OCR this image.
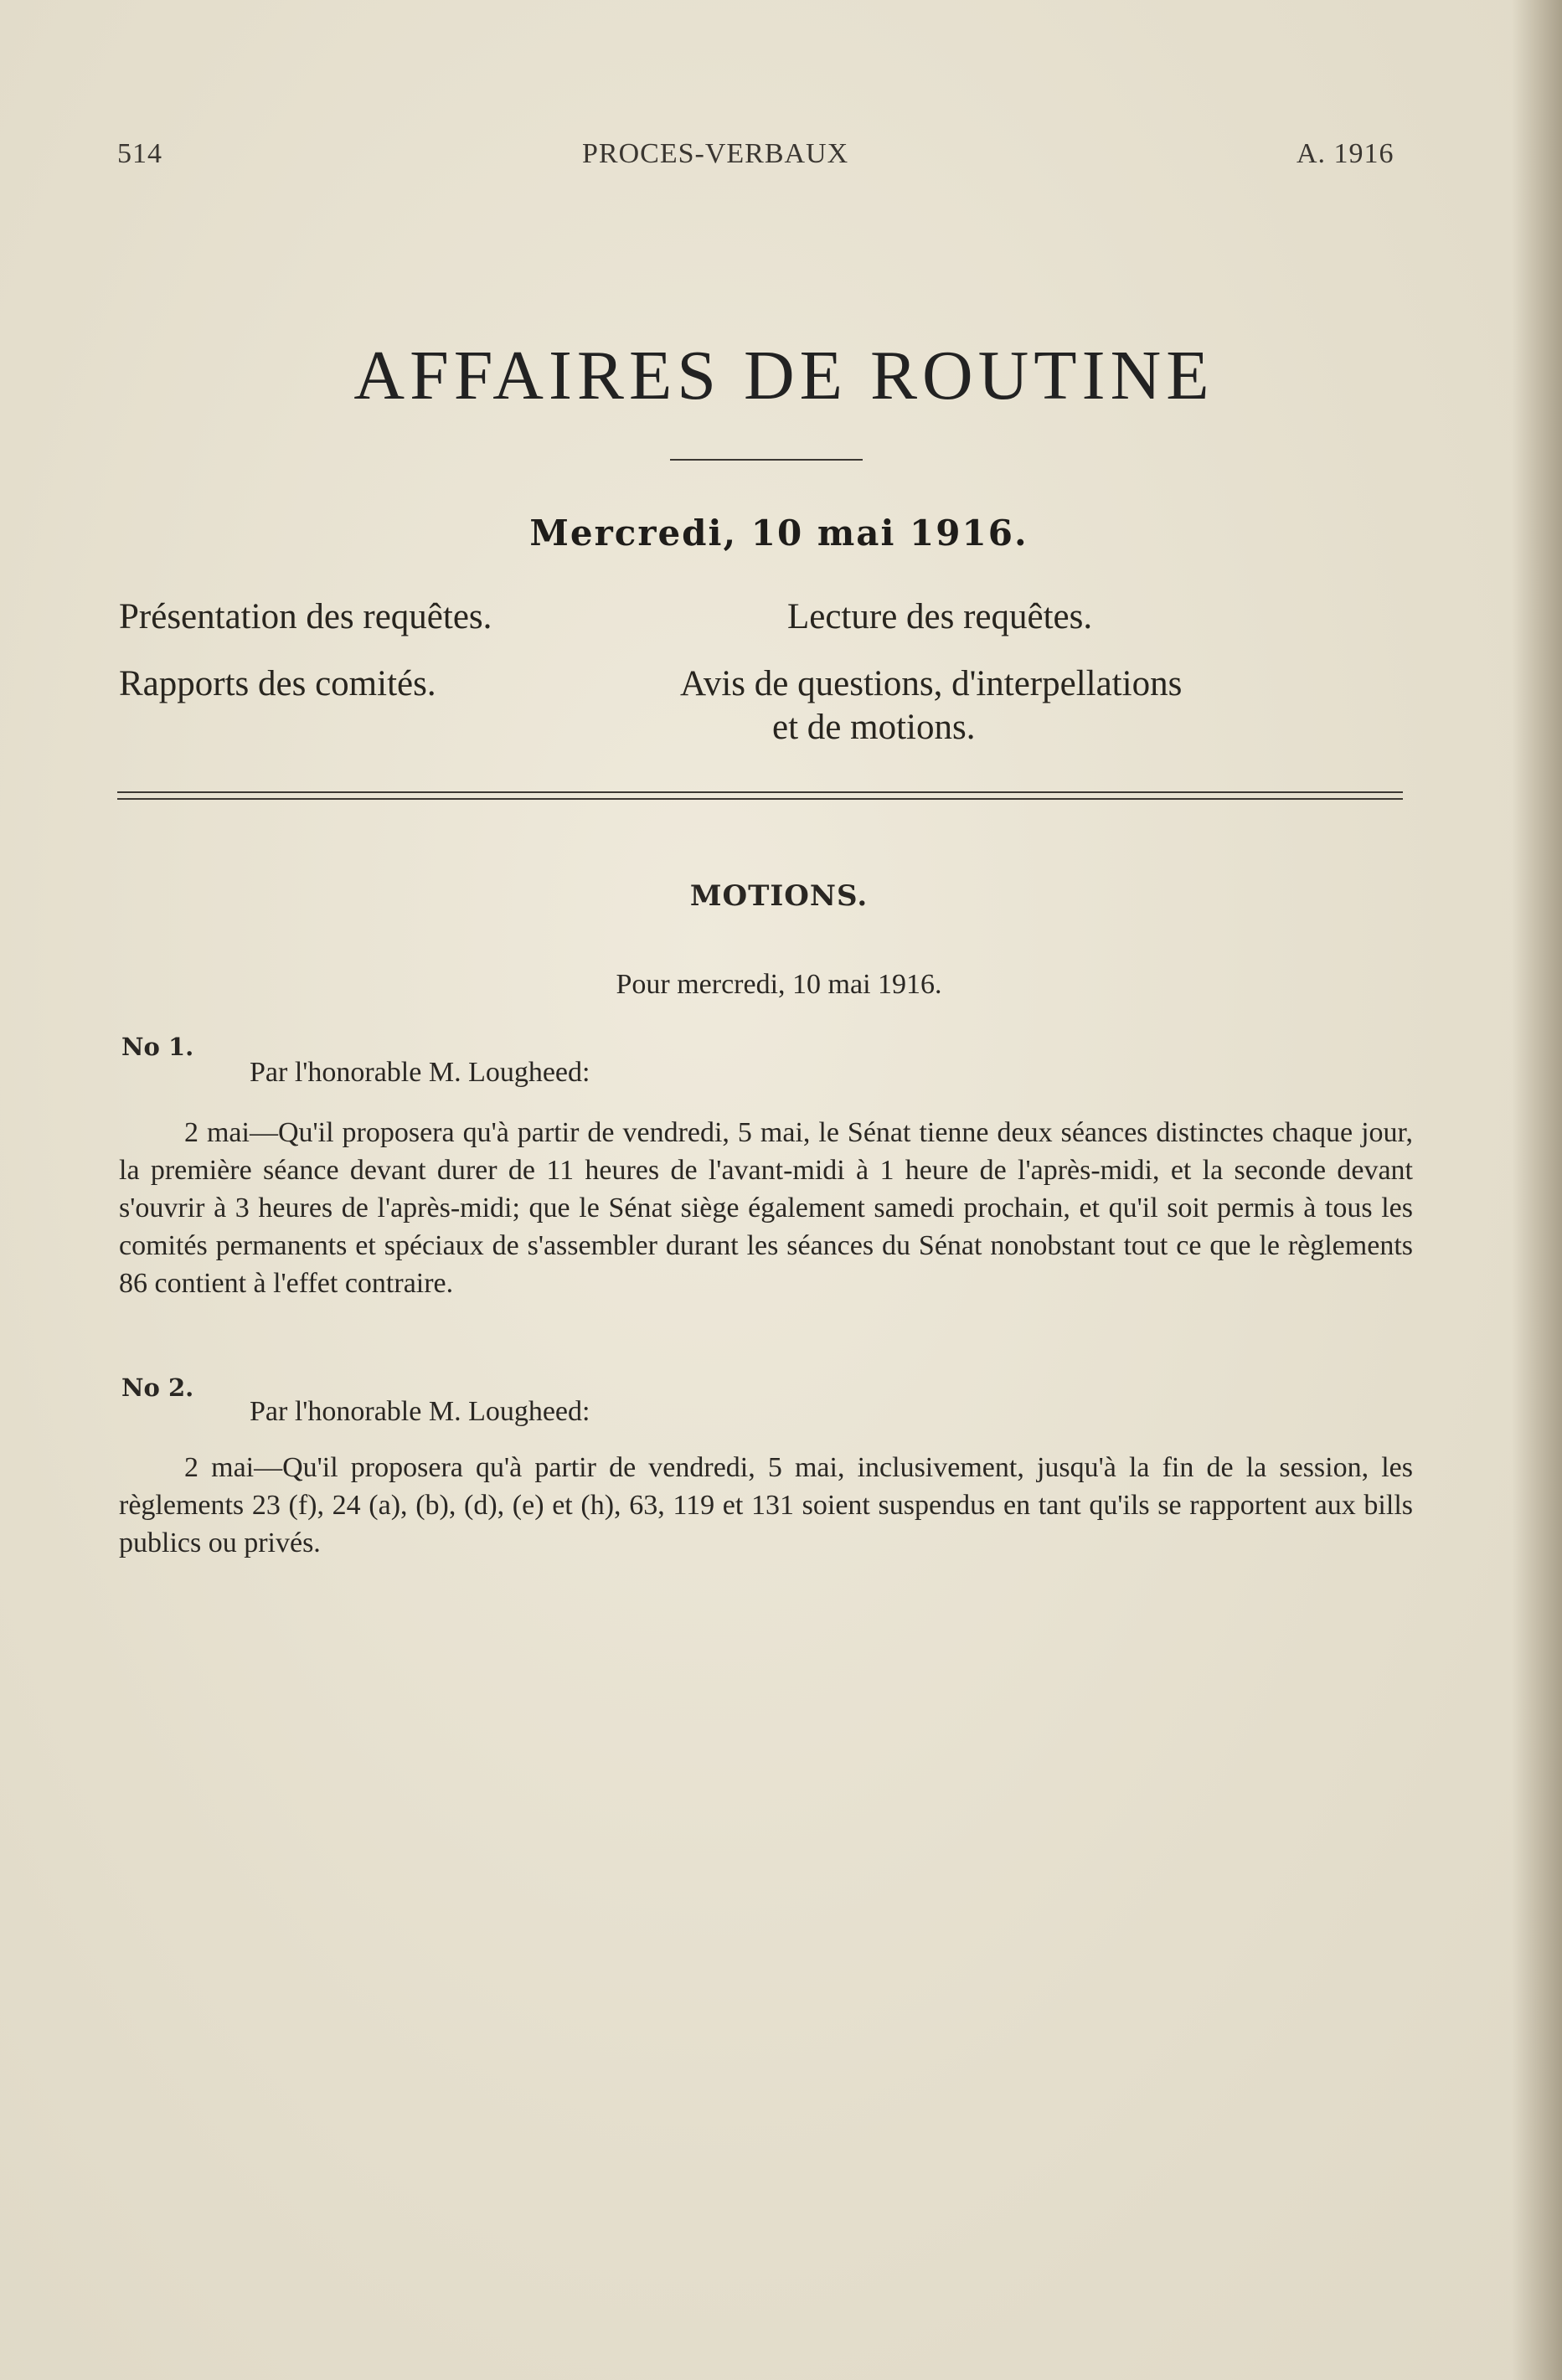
514	PROCES-VERBAUX	A. 1916
AFFAIRES DE ROUTINE
Mercredi, 10 mai 1916.
Présentation des requêtes.
Rapports des comités.
Lecture des requêtes.
Avis de questions, d'interpellations
et de motions.
MOTIONS.
Pour mercredi, 10 mai 1916.
No 1.
Par l'honorable M. Lougheed:
2 mai—Qu'il proposera qu'à partir de vendredi, 5 mai, le Sénat tienne deux séances distinctes chaque jour, la première séance devant durer de 11 heures de l'avant-midi à 1 heure de l'après-midi, et la seconde devant s'ouvrir à 3 heures de l'après-midi; que le Sénat siège également samedi prochain, et qu'il soit permis à tous les comités permanents et spéciaux de s'assembler durant les séances du Sénat nonobstant tout ce que le règlements 86 contient à l'effet contraire.
No 2.
Par l'honorable M. Lougheed:
2 mai—Qu'il proposera qu'à partir de vendredi, 5 mai, inclusivement, jusqu'à la fin de la session, les règlements 23 (f), 24 (a), (b), (d), (e) et (h), 63, 119 et 131 soient suspendus en tant qu'ils se rapportent aux bills publics ou privés.
